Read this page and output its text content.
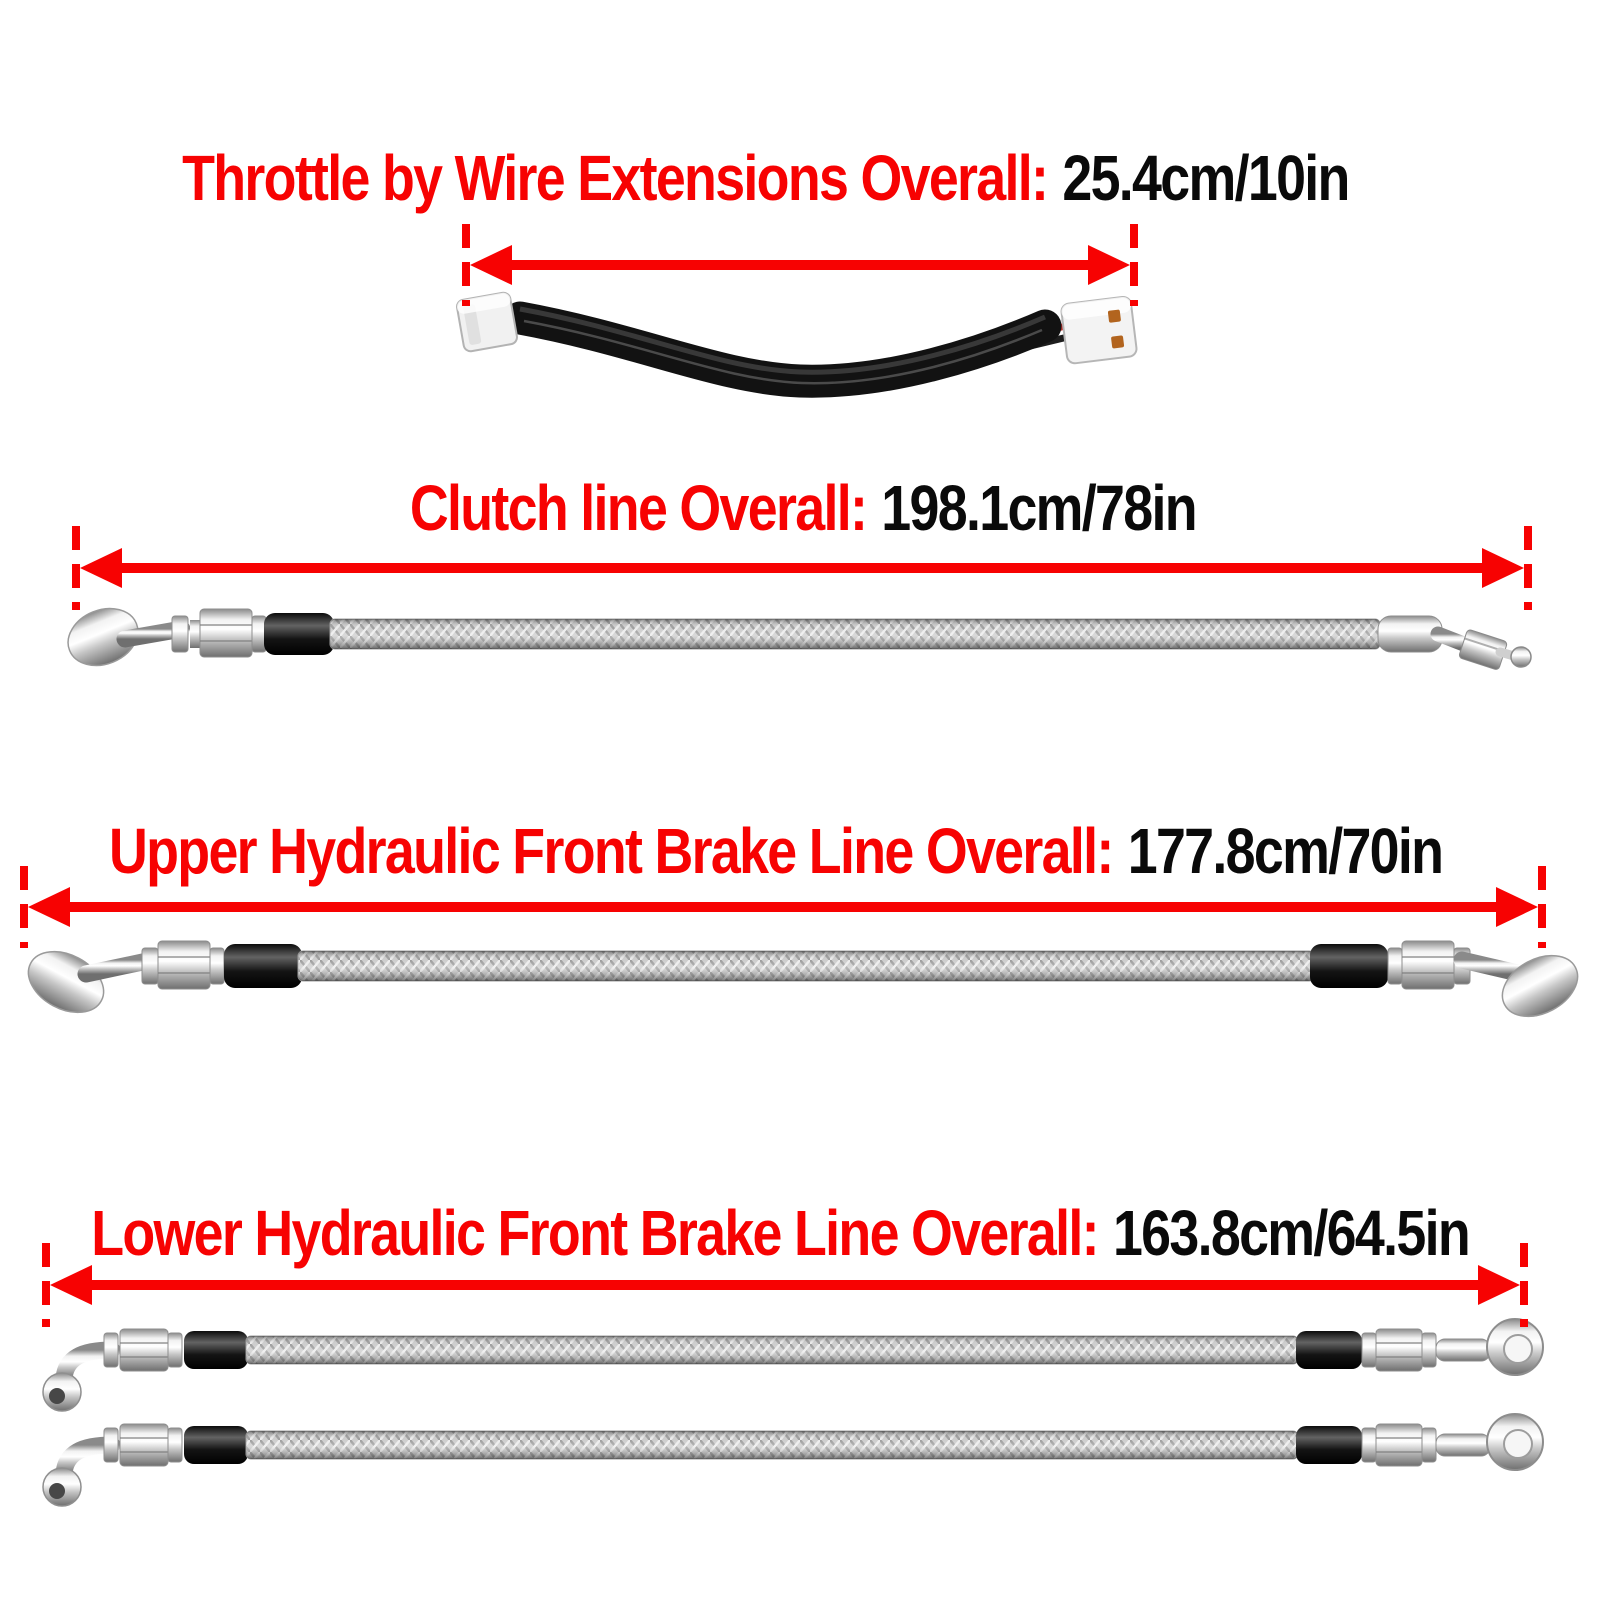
Throttle by Wire Extensions Overall: 25.4cm/10in
Clutch line Overall: 198.1cm/78in
Upper Hydraulic Front Brake Line Overall: 177.8cm/70in
Lower Hydraulic Front Brake Line Overall: 163.8cm/64.5in
